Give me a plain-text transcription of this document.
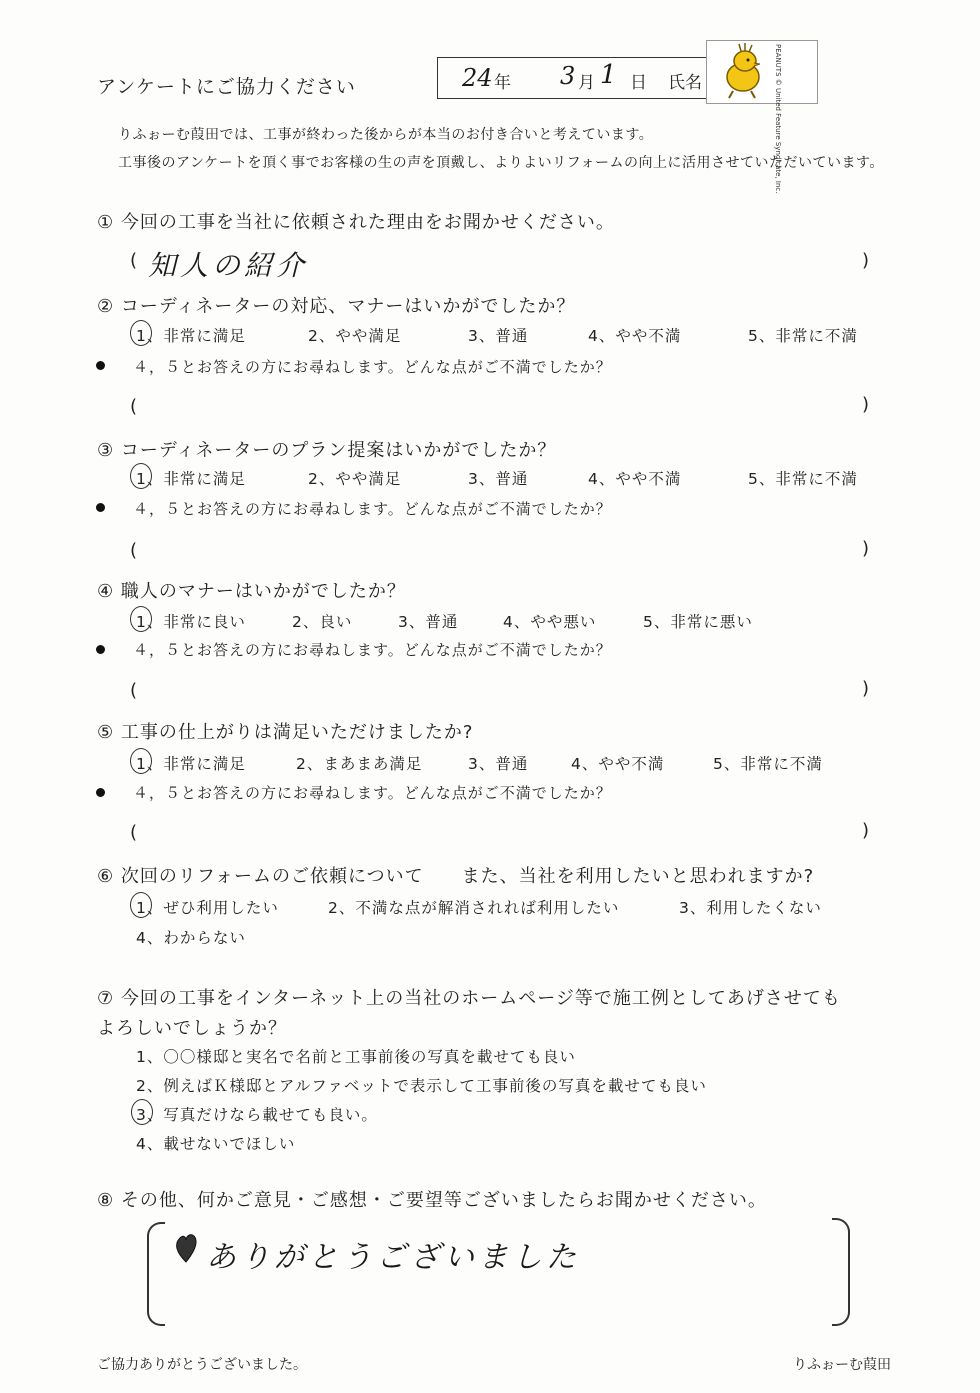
アンケートにご協力ください	24 年 3 月 1 日 氏名	PEANUTS © United Feature Syndicate, Inc.
りふぉーむ葭田では、工事が終わった後からが本当のお付き合いと考えています。
工事後のアンケートを頂く事でお客様の生の声を頂戴し、よりよいリフォームの向上に活用させていただいています。
① 今回の工事を当社に依頼された理由をお聞かせください。
( 知人の紹介	)
② コーディネーターの対応、マナーはいかがでしたか？
1、非常に満足	2、やや満足	3、普通	4、やや不満	5、非常に不満
４，５とお答えの方にお尋ねします。どんな点がご不満でしたか？
(	)
③ コーディネーターのプラン提案はいかがでしたか？
1、非常に満足	2、やや満足	3、普通	4、やや不満	5、非常に不満
４，５とお答えの方にお尋ねします。どんな点がご不満でしたか？
(	)
④ 職人のマナーはいかがでしたか？
1、非常に良い	2、良い	3、普通	4、やや悪い	5、非常に悪い
４，５とお答えの方にお尋ねします。どんな点がご不満でしたか？
(	)
⑤ 工事の仕上がりは満足いただけましたか?
1、非常に満足	2、まあまあ満足	3、普通	4、やや不満	5、非常に不満
４，５とお答えの方にお尋ねします。どんな点がご不満でしたか？
(	)
⑥ 次回のリフォームのご依頼について　　また、当社を利用したいと思われますか?
1、ぜひ利用したい	2、不満な点が解消されれば利用したい	3、利用したくない
4、わからない
⑦ 今回の工事をインターネット上の当社のホームページ等で施工例としてあげさせても
よろしいでしょうか？
1、〇〇様邸と実名で名前と工事前後の写真を載せても良い
2、例えばＫ様邸とアルファベットで表示して工事前後の写真を載せても良い
3、写真だけなら載せても良い。
4、載せないでほしい
⑧ その他、何かご意見・ご感想・ご要望等ございましたらお聞かせください。
ありがとうございました
ご協力ありがとうございました。	りふぉーむ葭田
